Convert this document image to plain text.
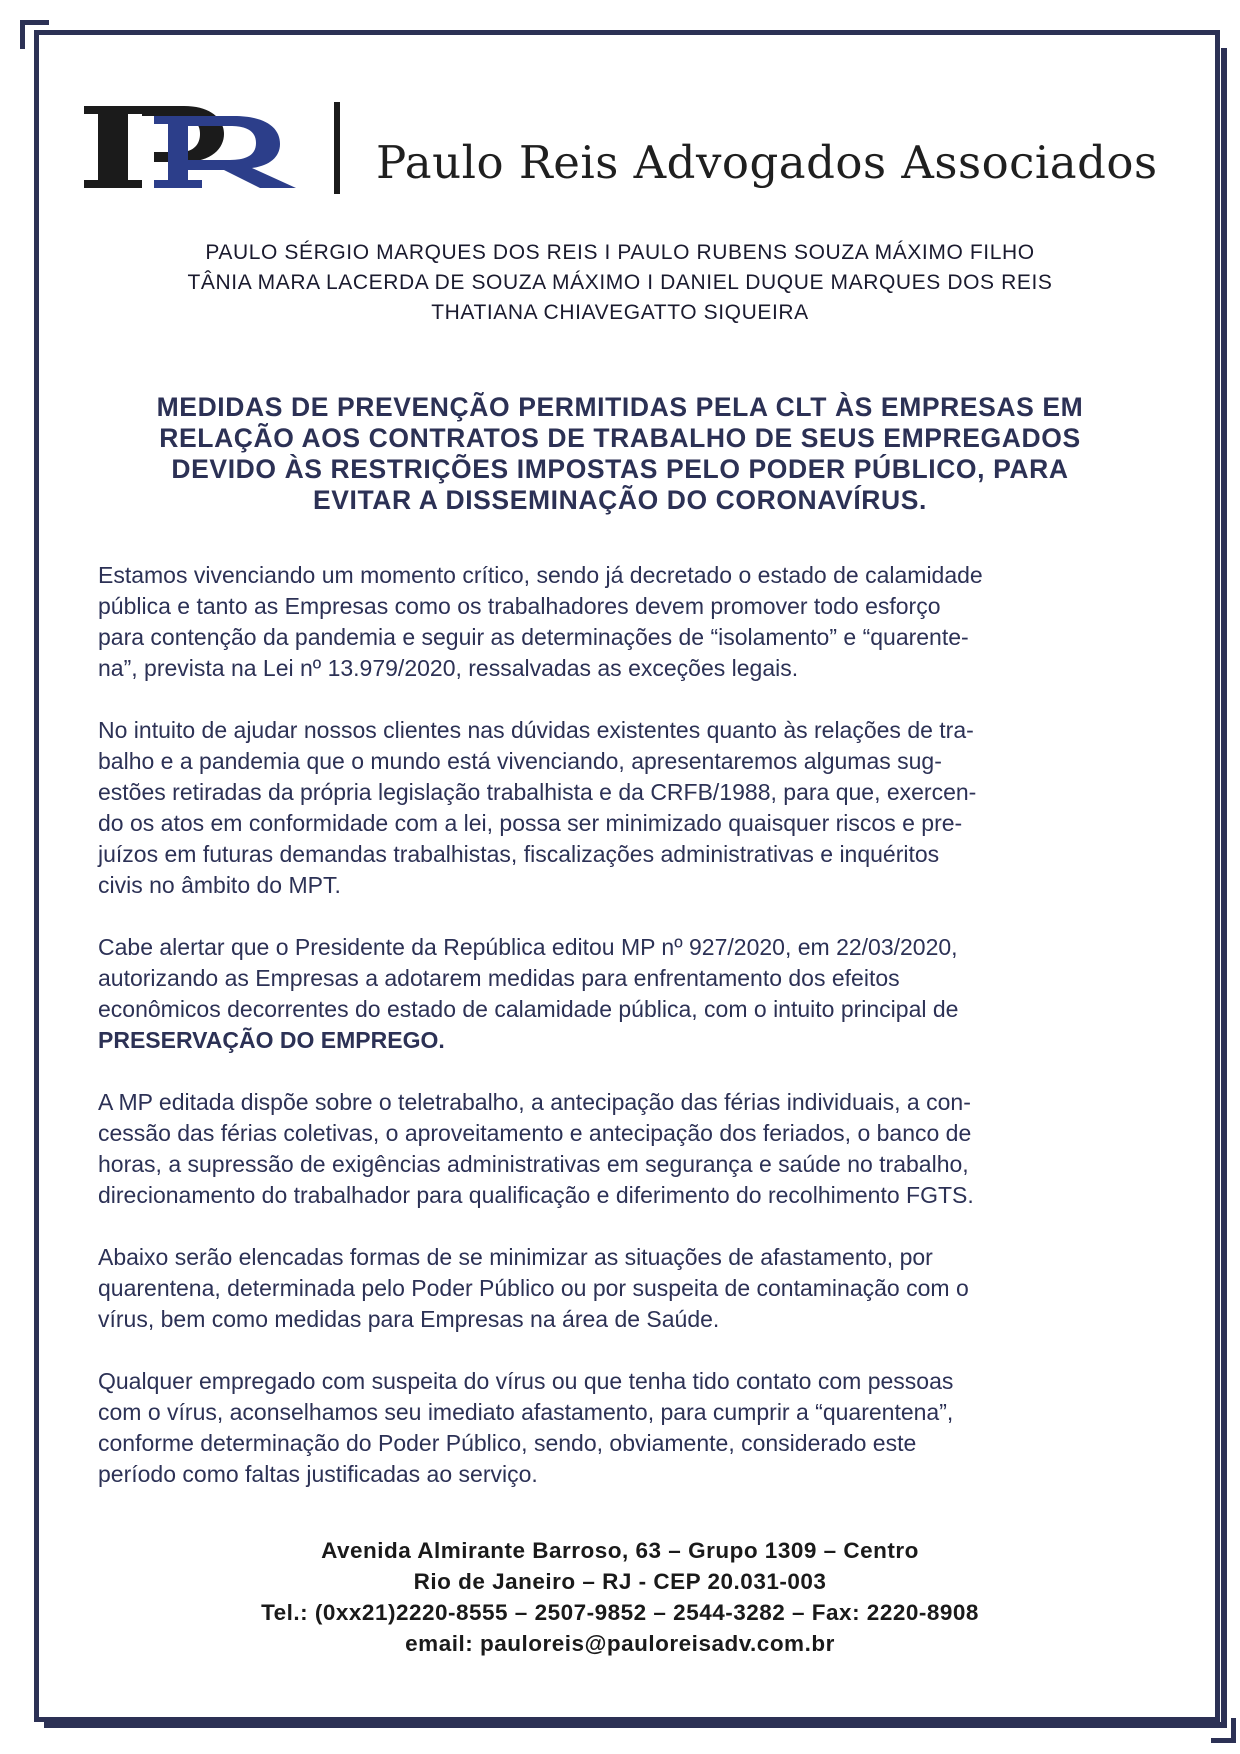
Paulo Reis Advogados Associados
PAULO SÉRGIO MARQUES DOS REIS I PAULO RUBENS SOUZA MÁXIMO FILHO
TÂNIA MARA LACERDA DE SOUZA MÁXIMO I DANIEL DUQUE MARQUES DOS REIS
THATIANA CHIAVEGATTO SIQUEIRA
MEDIDAS DE PREVENÇÃO PERMITIDAS PELA CLT ÀS EMPRESAS EM
RELAÇÃO AOS CONTRATOS DE TRABALHO DE SEUS EMPREGADOS
DEVIDO ÀS RESTRIÇÕES IMPOSTAS PELO PODER PÚBLICO, PARA
EVITAR A DISSEMINAÇÃO DO CORONAVÍRUS.

Estamos vivenciando um momento crítico, sendo já decretado o estado de calamidade
pública e tanto as Empresas como os trabalhadores devem promover todo esforço
para contenção da pandemia e seguir as determinações de “isolamento” e “quarente-
na”, prevista na Lei nº 13.979/2020, ressalvadas as exceções legais.

No intuito de ajudar nossos clientes nas dúvidas existentes quanto às relações de tra-
balho e a pandemia que o mundo está vivenciando, apresentaremos algumas sug-
estões retiradas da própria legislação trabalhista e da CRFB/1988, para que, exercen-
do os atos em conformidade com a lei, possa ser minimizado quaisquer riscos e pre-
juízos em futuras demandas trabalhistas, fiscalizações administrativas e inquéritos
civis no âmbito do MPT.

Cabe alertar que o Presidente da República editou MP nº 927/2020, em 22/03/2020,
autorizando as Empresas a adotarem medidas para enfrentamento dos efeitos
econômicos decorrentes do estado de calamidade pública, com o intuito principal de
PRESERVAÇÃO DO EMPREGO.

A MP editada dispõe sobre o teletrabalho, a antecipação das férias individuais, a con-
cessão das férias coletivas, o aproveitamento e antecipação dos feriados, o banco de
horas, a supressão de exigências administrativas em segurança e saúde no trabalho,
direcionamento do trabalhador para qualificação e diferimento do recolhimento FGTS.

Abaixo serão elencadas formas de se minimizar as situações de afastamento, por
quarentena, determinada pelo Poder Público ou por suspeita de contaminação com o
vírus, bem como medidas para Empresas na área de Saúde.

Qualquer empregado com suspeita do vírus ou que tenha tido contato com pessoas
com o vírus, aconselhamos seu imediato afastamento, para cumprir a “quarentena”,
conforme determinação do Poder Público, sendo, obviamente, considerado este
período como faltas justificadas ao serviço.

Avenida Almirante Barroso, 63 – Grupo 1309 – Centro
Rio de Janeiro – RJ - CEP 20.031-003
Tel.: (0xx21)2220-8555 – 2507-9852 – 2544-3282 – Fax: 2220-8908
email: pauloreis@pauloreisadv.com.br
